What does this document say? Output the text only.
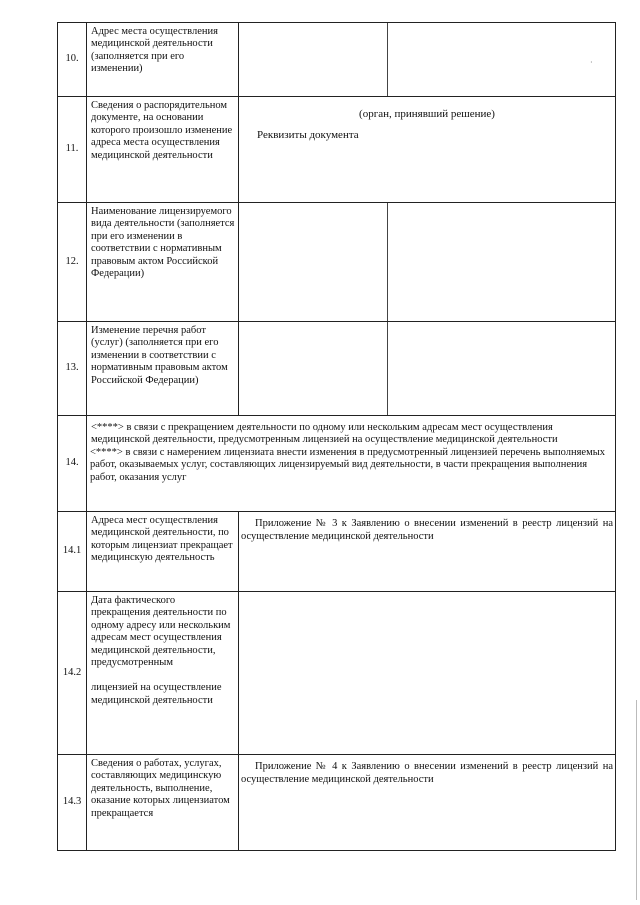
·
10.	Адрес места осуществления медицинской деятельности (заполняется при его изменении)	

11.	Сведения о распорядительном документе, на основании которого произошло изменение адреса места осуществления медицинской деятельности	(орган, принявший решение)
Реквизиты документа

12.	Наименование лицензируемого вида деятельности (заполняется при его изменении в соответствии с нормативным правовым актом Российской Федерации)	

13.	Изменение перечня работ (услуг) (заполняется при его изменении в соответствии с нормативным правовым актом Российской Федерации)	

14.	<****> в связи с прекращением деятельности по одному или нескольким адресам мест осуществления медицинской деятельности, предусмотренным лицензией на осуществление медицинской деятельности
<****> в связи с намерением лицензиата внести изменения в предусмотренный лицензией перечень выполняемых работ, оказываемых услуг, составляющих лицензируемый вид деятельности, в части прекращения выполнения работ, оказания услуг	

14.1	Адреса мест осуществления медицинской деятельности, по которым лицензиат прекращает медицинскую деятельность	Приложение № 3 к Заявлению о внесении изменений в реестр лицензий на осуществление медицинской деятельности

14.2	Дата фактического прекращения деятельности по одному адресу или нескольким адресам мест осуществления медицинской деятельности, предусмотренным
лицензией на осуществление медицинской деятельности	

14.3	Сведения о работах, услугах, составляющих медицинскую деятельность, выполнение, оказание которых лицензиатом прекращается	Приложение № 4 к Заявлению о внесении изменений в реестр лицензий на осуществление медицинской деятельности
